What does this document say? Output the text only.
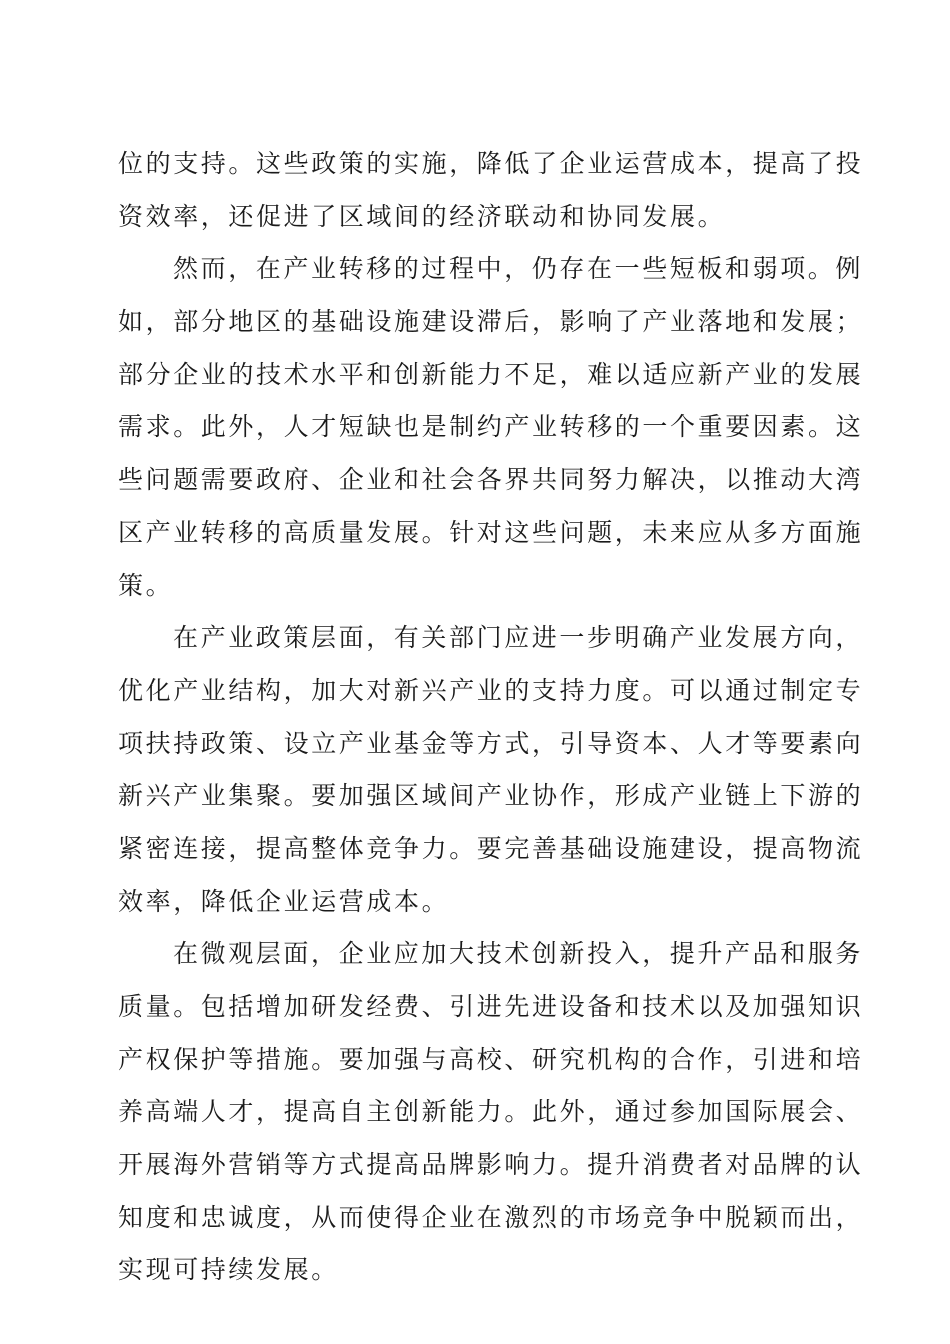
位的支持。这些政策的实施，降低了企业运营成本，提高了投
资效率，还促进了区域间的经济联动和协同发展。
然而，在产业转移的过程中，仍存在一些短板和弱项。例
如，部分地区的基础设施建设滞后，影响了产业落地和发展；
部分企业的技术水平和创新能力不足，难以适应新产业的发展
需求。此外，人才短缺也是制约产业转移的一个重要因素。这
些问题需要政府、企业和社会各界共同努力解决，以推动大湾
区产业转移的高质量发展。针对这些问题，未来应从多方面施
策。
在产业政策层面，有关部门应进一步明确产业发展方向，
优化产业结构，加大对新兴产业的支持力度。可以通过制定专
项扶持政策、设立产业基金等方式，引导资本、人才等要素向
新兴产业集聚。要加强区域间产业协作，形成产业链上下游的
紧密连接，提高整体竞争力。要完善基础设施建设，提高物流
效率，降低企业运营成本。
在微观层面，企业应加大技术创新投入，提升产品和服务
质量。包括增加研发经费、引进先进设备和技术以及加强知识
产权保护等措施。要加强与高校、研究机构的合作，引进和培
养高端人才，提高自主创新能力。此外，通过参加国际展会、
开展海外营销等方式提高品牌影响力。提升消费者对品牌的认
知度和忠诚度，从而使得企业在激烈的市场竞争中脱颖而出，
实现可持续发展。
